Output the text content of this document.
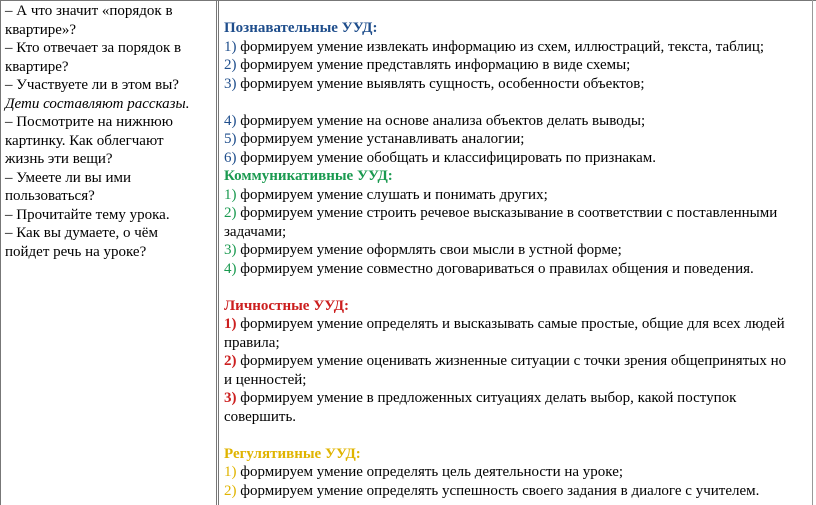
– А что значит «порядок в
квартире»?
– Кто отвечает за порядок в
квартире?
– Участвуете ли в этом вы?
Дети составляют рассказы.
– Посмотрите на нижнюю
картинку. Как облегчают
жизнь эти вещи?
– Умеете ли вы ими
пользоваться?
– Прочитайте тему урока.
– Как вы думаете, о чём
пойдет речь на уроке?
Познавательные УУД:
1) формируем умение извлекать информацию из схем, иллюстраций, текста, таблиц;
2) формируем умение представлять информацию в виде схемы;
3) формируем умение выявлять сущность, особенности объектов;
4) формируем умение на основе анализа объектов делать выводы;
5) формируем умение устанавливать аналогии;
6) формируем умение обобщать и классифицировать по признакам.
Коммуникативные УУД:
1) формируем умение слушать и понимать других;
2) формируем умение строить речевое высказывание в соответствии с поставленными
задачами;
3) формируем умение оформлять свои мысли в устной форме;
4) формируем умение совместно договариваться о правилах общения и поведения.
Личностные УУД:
1) формируем умение определять и высказывать самые простые, общие для всех людей
правила;
2) формируем умение оценивать жизненные ситуации с точки зрения общепринятых но
и ценностей;
3) формируем умение в предложенных ситуациях делать выбор, какой поступок
совершить.
Регулятивные УУД:
1) формируем умение определять цель деятельности на уроке;
2) формируем умение определять успешность своего задания в диалоге с учителем.
